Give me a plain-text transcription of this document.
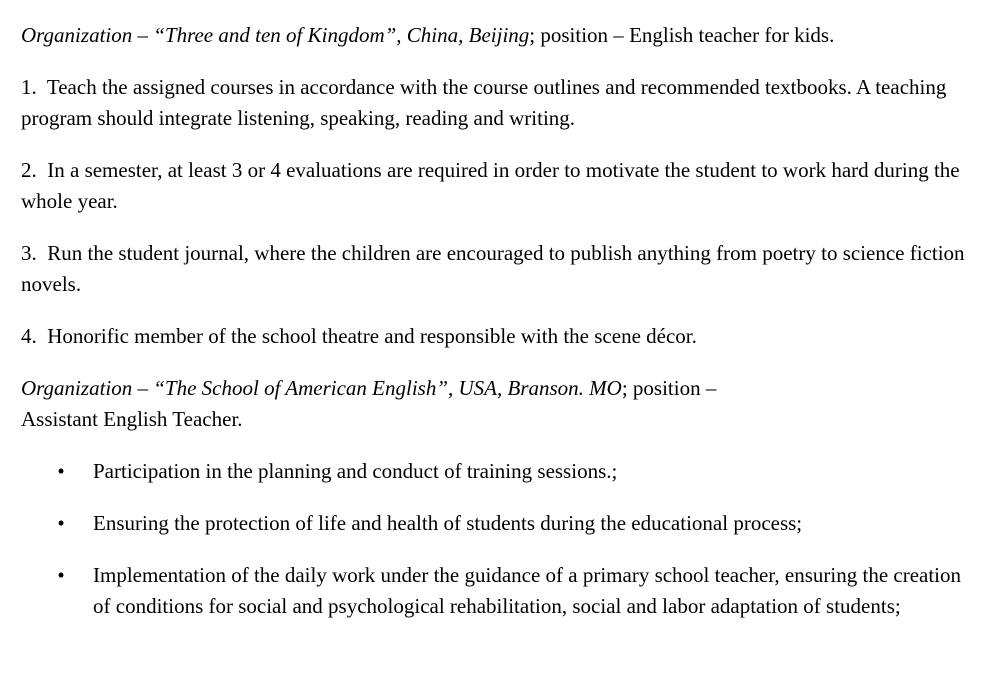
Organization – “Three and ten of Kingdom”, China, Beijing; position – English teacher for kids.

1. Teach the assigned courses in accordance with the course outlines and recommended textbooks. A teaching program should integrate listening, speaking, reading and writing.

2. In a semester, at least 3 or 4 evaluations are required in order to motivate the student to work hard during the whole year.

3. Run the student journal, where the children are encouraged to publish anything from poetry to science fiction novels.

4. Honorific member of the school theatre and responsible with the scene décor.

Organization – “The School of American English”, USA, Branson. MO; position –
Assistant English Teacher.

• Participation in the planning and conduct of training sessions.;
• Ensuring the protection of life and health of students during the educational process;
• Implementation of the daily work under the guidance of a primary school teacher, ensuring the creation of conditions for social and psychological rehabilitation, social and labor adaptation of students;
